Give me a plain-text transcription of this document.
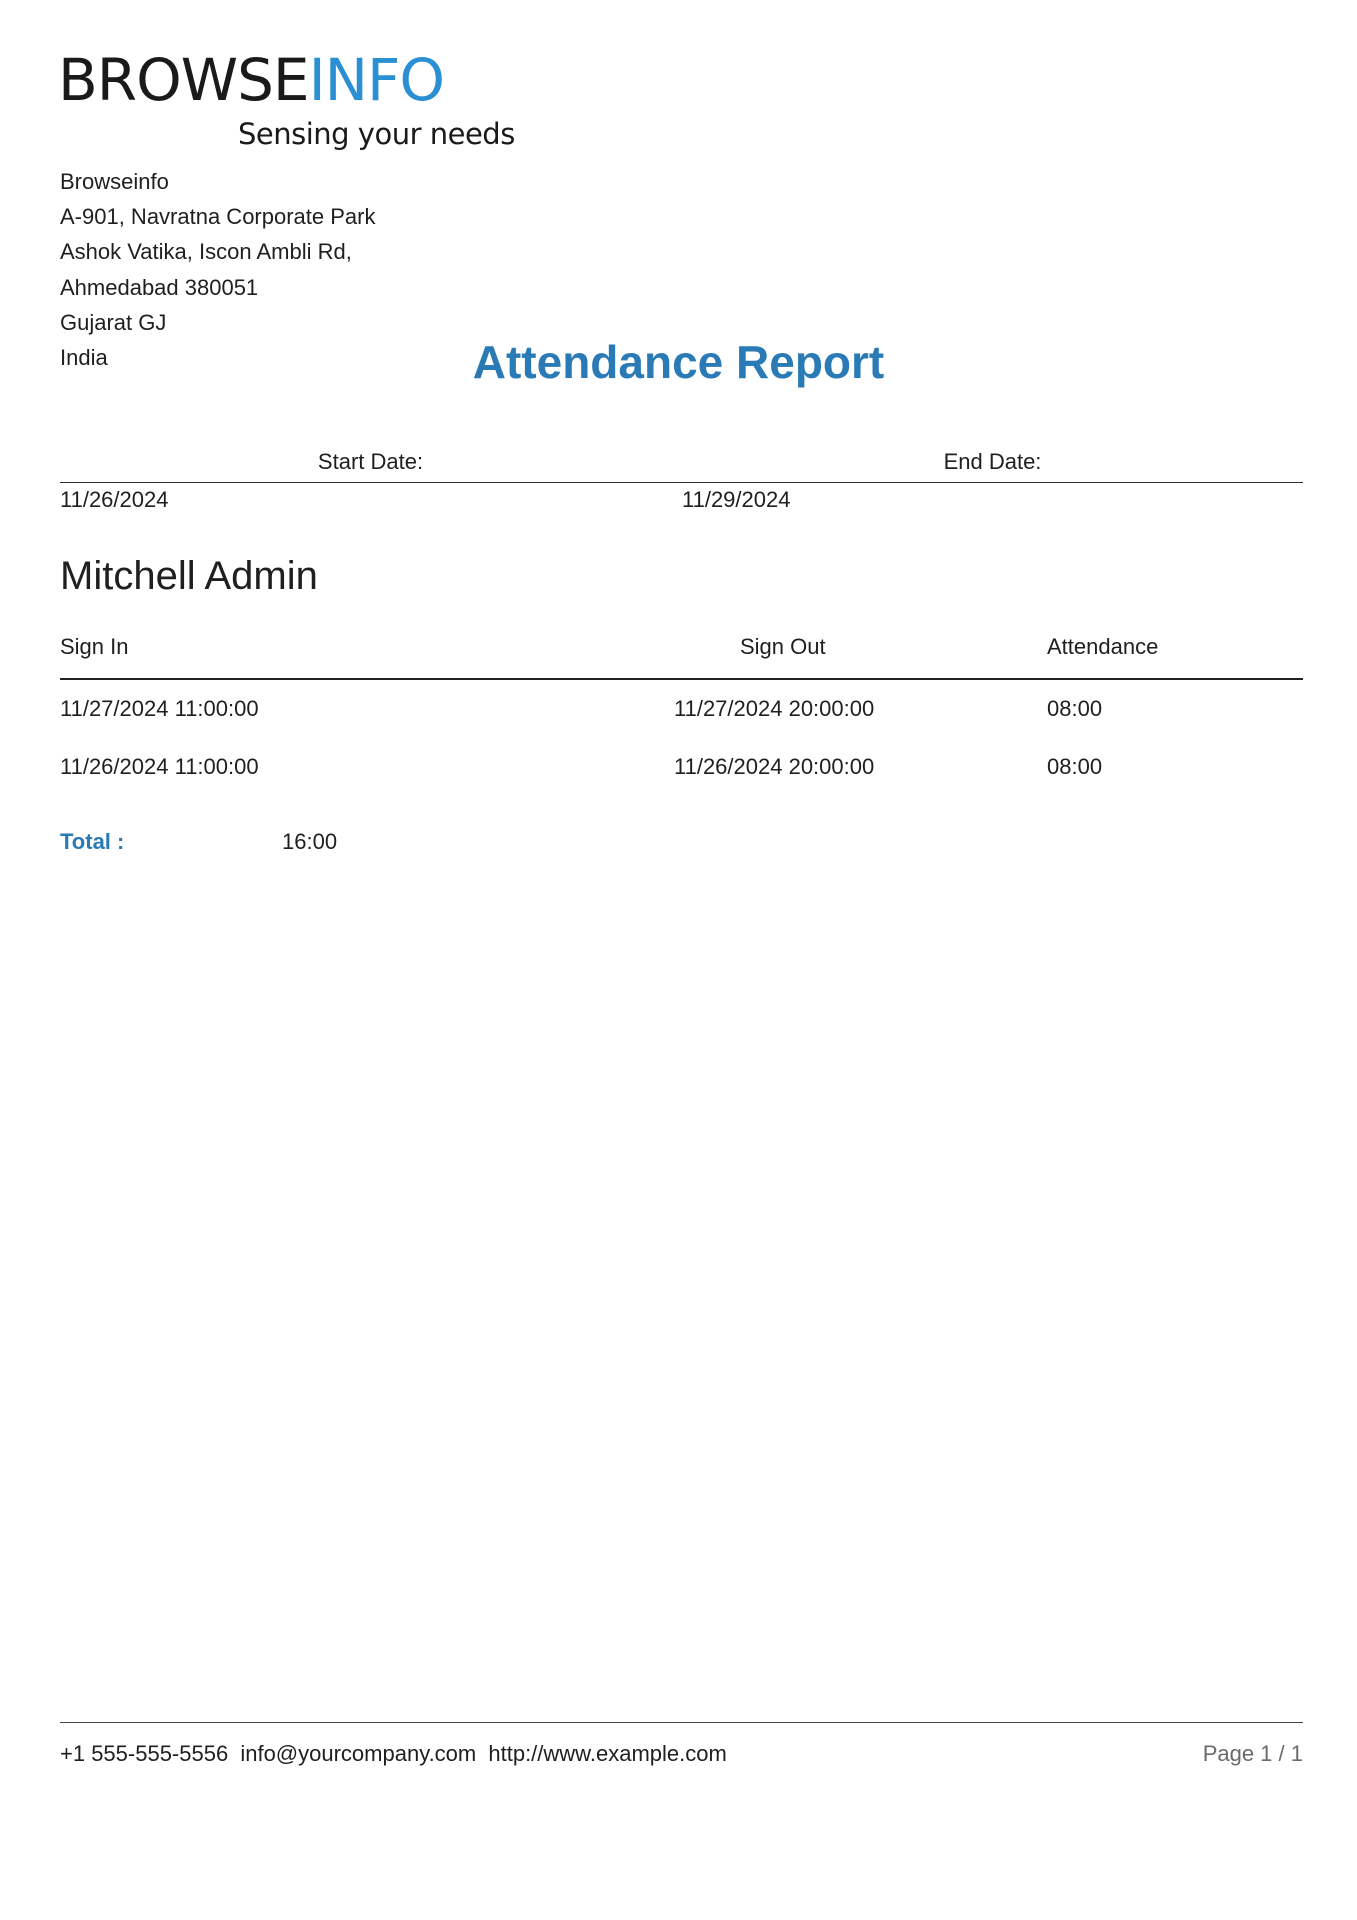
BROWSEINFO
Sensing your needs
Browseinfo
A-901, Navratna Corporate Park
Ashok Vatika, Iscon Ambli Rd,
Ahmedabad 380051
Gujarat GJ
India	Attendance Report
Start Date:	End Date:
11/26/2024	11/29/2024
Mitchell Admin
Sign In	Sign Out	Attendance
11/27/2024 11:00:00	11/27/2024 20:00:00	08:00
11/26/2024 11:00:00	11/26/2024 20:00:00	08:00
Total :	16:00
+1 555-555-5556 info@yourcompany.com http://www.example.com	Page 1 / 1
